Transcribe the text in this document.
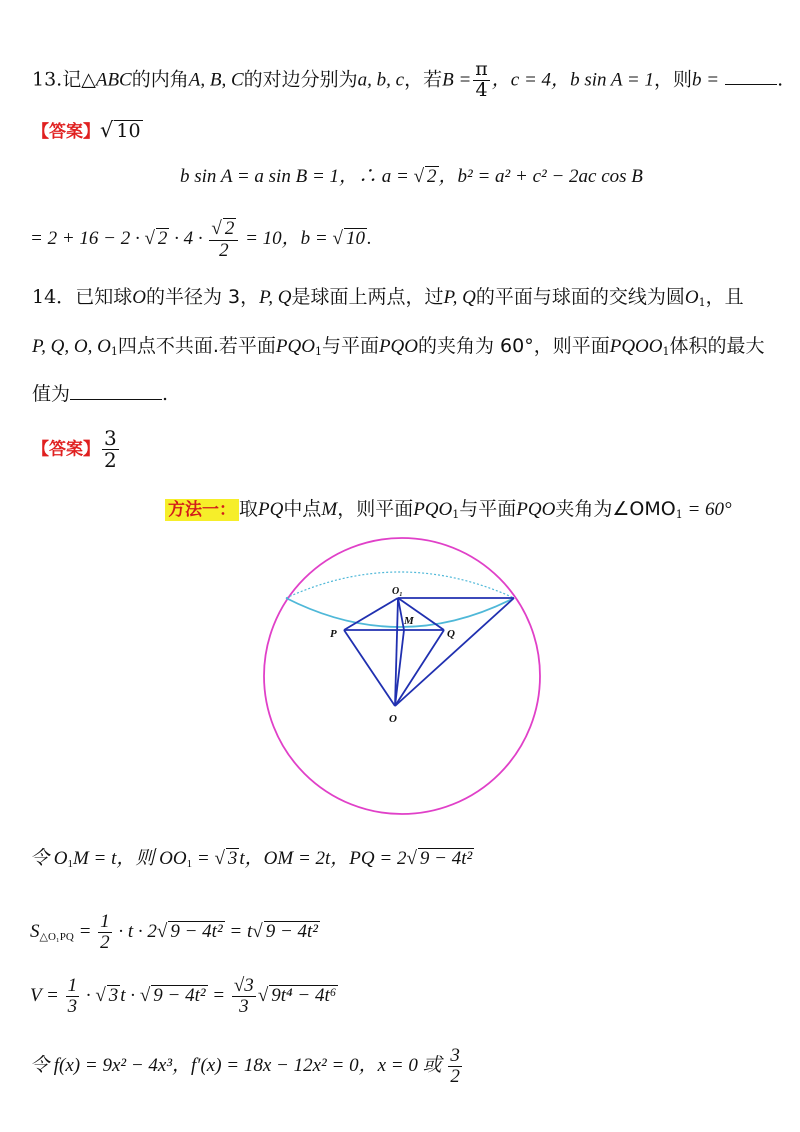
13.记△ABC的内角A, B, C的对边分别为a, b, c，若$B = \frac{\pi}{4}$ ，c = 4，b sin A = 1，则b =	.
【答案】√ 10
b sin A = a sin B = 1，∴ a = √ 2 ，b² = a² + c² − 2ac cos B
= 2 + 16 − 2 · √ $2 \cdot 4 \cdot \frac{√ 2}{2} = 10$，b = √ 10 .
14．已知球O的半径为 3，P, Q是球面上两点，过P, Q的平面与球面的交线为圆$O_1$，且
P, Q, O, $O_1$四点不共面.若平面$PQO_1$与平面PQO的夹角为 60°，则平面$PQOO_1$体积的最大
值为	.
【答案】 $\frac{3}{2}$
方法一： 取PQ中点M，则平面$PQO_1$与平面PQO夹角为$\angle OMO_1 = 60^\circ$
O₁
M
P	Q
O
令 $O_1M = t$，则 $OO_1$ = √ 3 t，OM = 2t，PQ = 2√ 9 − 4t²
$S_{\triangle O_1PQ} = \frac{1}{2} \cdot t \cdot 2√$ 9 − 4t² = t√ 9 − 4t²
$V = \frac{1}{3}$ · √ 3 t · √ $9 - 4t^2 = \frac{√3}{3}$ √ 9t⁴ − 4t⁶
令 f(x) = 9x² − 4x³，f′(x) = 18x − 12x² = 0，x = 0 或 $\frac{3}{2}$
